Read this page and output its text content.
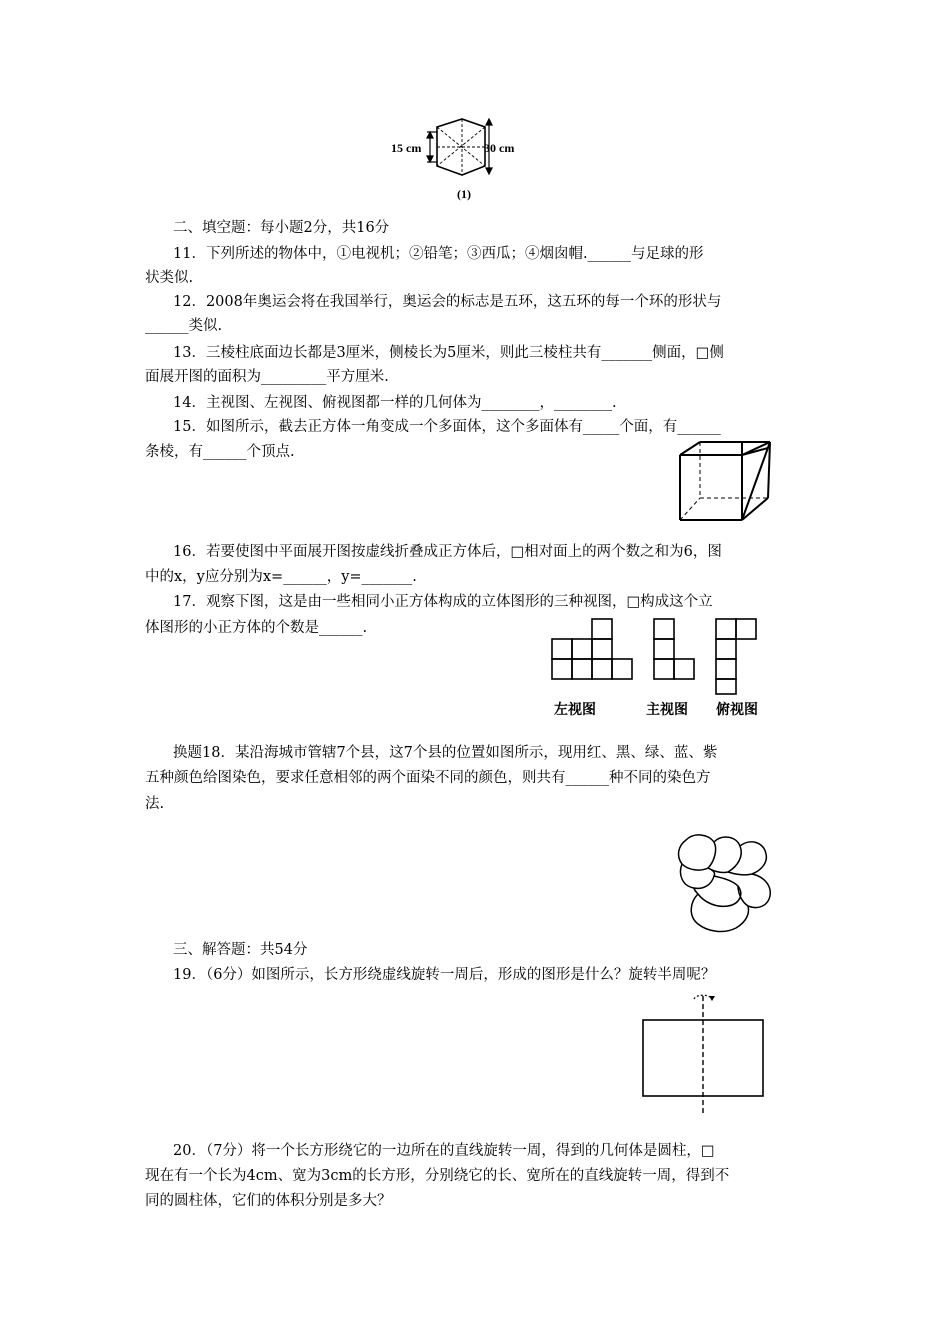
15 cm	30 cm
(1)
二、填空题：每小题2分，共16分
11．下列所述的物体中，①电视机；②铅笔；③西瓜；④烟囱帽.______与足球的形
状类似.
12．2008年奥运会将在我国举行，奥运会的标志是五环，这五环的每一个环的形状与
______类似.
13．三棱柱底面边长都是3厘米，侧棱长为5厘米，则此三棱柱共有_______侧面，□侧
面展开图的面积为_________平方厘米.
14．主视图、左视图、俯视图都一样的几何体为________，________.
15．如图所示，截去正方体一角变成一个多面体，这个多面体有_____个面，有______
条棱，有______个顶点.
16．若要使图中平面展开图按虚线折叠成正方体后，□相对面上的两个数之和为6，图
中的x，y应分别为x=______，y=_______.
17．观察下图，这是由一些相同小正方体构成的立体图形的三种视图，□构成这个立
体图形的小正方体的个数是______.
左视图	主视图 俯视图
换题18．某沿海城市管辖7个县，这7个县的位置如图所示，现用红、黑、绿、蓝、紫
五种颜色给图染色，要求任意相邻的两个面染不同的颜色，则共有______种不同的染色方
法.
三、解答题：共54分
19．（6分）如图所示，长方形绕虚线旋转一周后，形成的图形是什么？旋转半周呢？
20．（7分）将一个长方形绕它的一边所在的直线旋转一周，得到的几何体是圆柱，□
现在有一个长为4cm、宽为3cm的长方形，分别绕它的长、宽所在的直线旋转一周，得到不
同的圆柱体，它们的体积分别是多大？
